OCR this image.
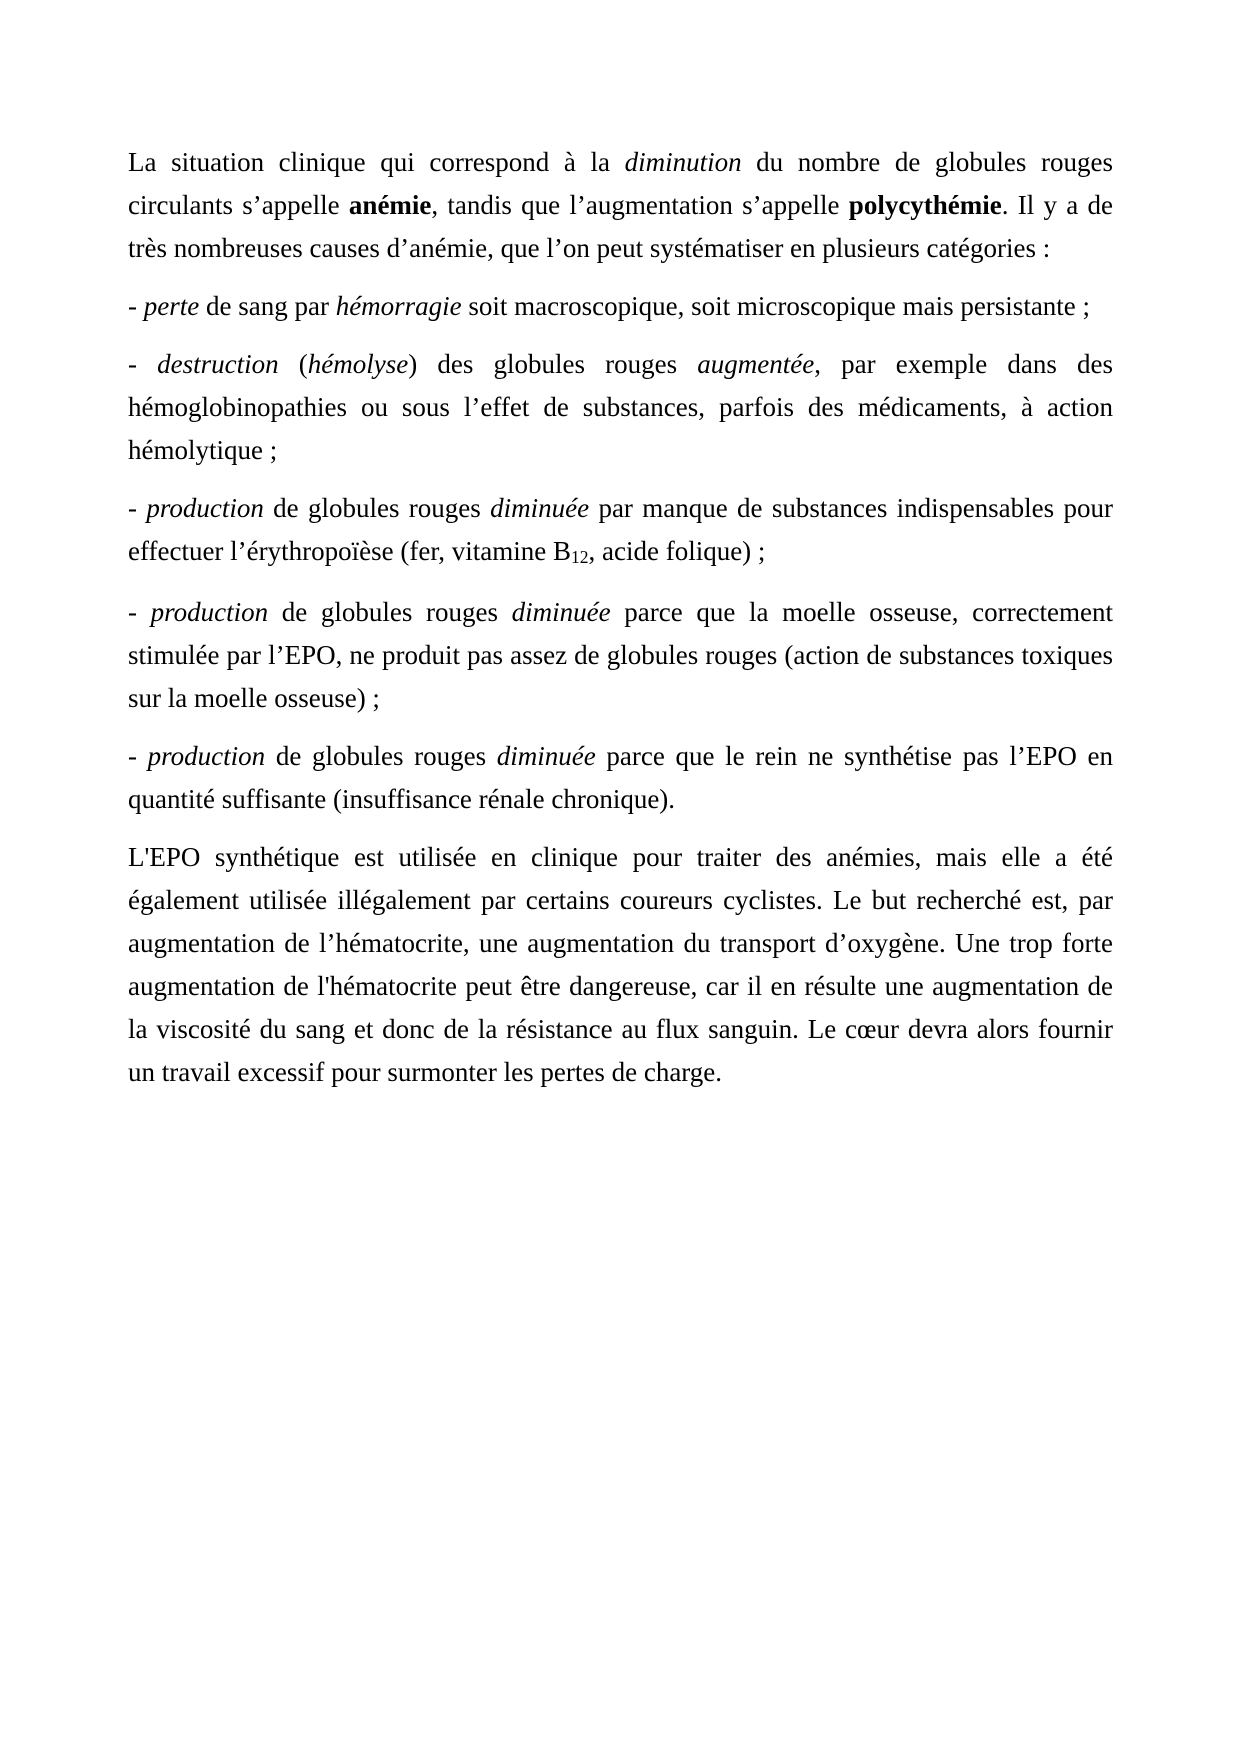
La situation clinique qui correspond à la diminution du nombre de globules rouges circulants s’appelle anémie, tandis que l’augmentation s’appelle polycythémie. Il y a de très nombreuses causes d’anémie, que l’on peut systématiser en plusieurs catégories :

- perte de sang par hémorragie soit macroscopique, soit microscopique mais persistante ;

- destruction (hémolyse) des globules rouges augmentée, par exemple dans des hémoglobinopathies ou sous l’effet de substances, parfois des médicaments, à action hémolytique ;

- production de globules rouges diminuée par manque de substances indispensables pour effectuer l’érythropoïèse (fer, vitamine B12, acide folique) ;

- production de globules rouges diminuée parce que la moelle osseuse, correctement stimulée par l’EPO, ne produit pas assez de globules rouges (action de substances toxiques sur la moelle osseuse) ;

- production de globules rouges diminuée parce que le rein ne synthétise pas l’EPO en quantité suffisante (insuffisance rénale chronique).

L'EPO synthétique est utilisée en clinique pour traiter des anémies, mais elle a été également utilisée illégalement par certains coureurs cyclistes. Le but recherché est, par augmentation de l’hématocrite, une augmentation du transport d’oxygène. Une trop forte augmentation de l'hématocrite peut être dangereuse, car il en résulte une augmentation de la viscosité du sang et donc de la résistance au flux sanguin. Le cœur devra alors fournir un travail excessif pour surmonter les pertes de charge.
